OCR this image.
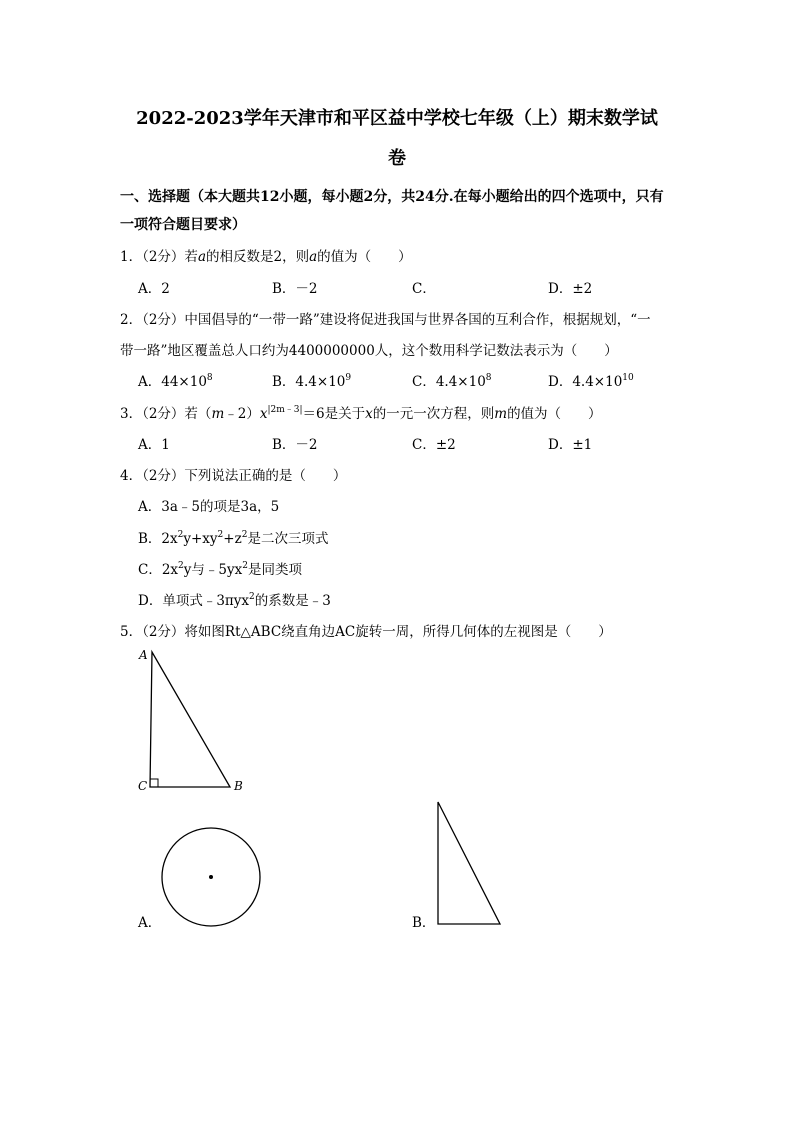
2022-2023学年天津市和平区益中学校七年级（上）期末数学试
卷
一、选择题（本大题共12小题，每小题2分，共24分.在每小题给出的四个选项中，只有
一项符合题目要求）
1．（2分）若a的相反数是2，则a的值为（　　）
A．2	B．－2	C．	D．±2
2．（2分）中国倡导的“一带一路”建设将促进我国与世界各国的互利合作，根据规划，“一
带一路”地区覆盖总人口约为4400000000人，这个数用科学记数法表示为（　　）
A．$44\times 10^8$	B．$4.4\times 10^9$	C．$4.4\times 10^8$	D．$4.4\times 10^{10}$
3．（2分）若$(m﹣2)x^{|2m﹣3|}=6$是关于x的一元一次方程，则m的值为（　　）
A．1	B．－2	C．±2	D．±1
4．（2分）下列说法正确的是（　　）
A．3a﹣5的项是3a，5
B．$2x^2y+xy^2+z^2$是二次三项式
C．$2x^2y$与$﹣5yx^2$是同类项
D．单项式﹣3πyx$^2$的系数是﹣3
5．（2分）将如图Rt△ABC绕直角边AC旋转一周，所得几何体的左视图是（　　）
A
C	B
A．	B．
